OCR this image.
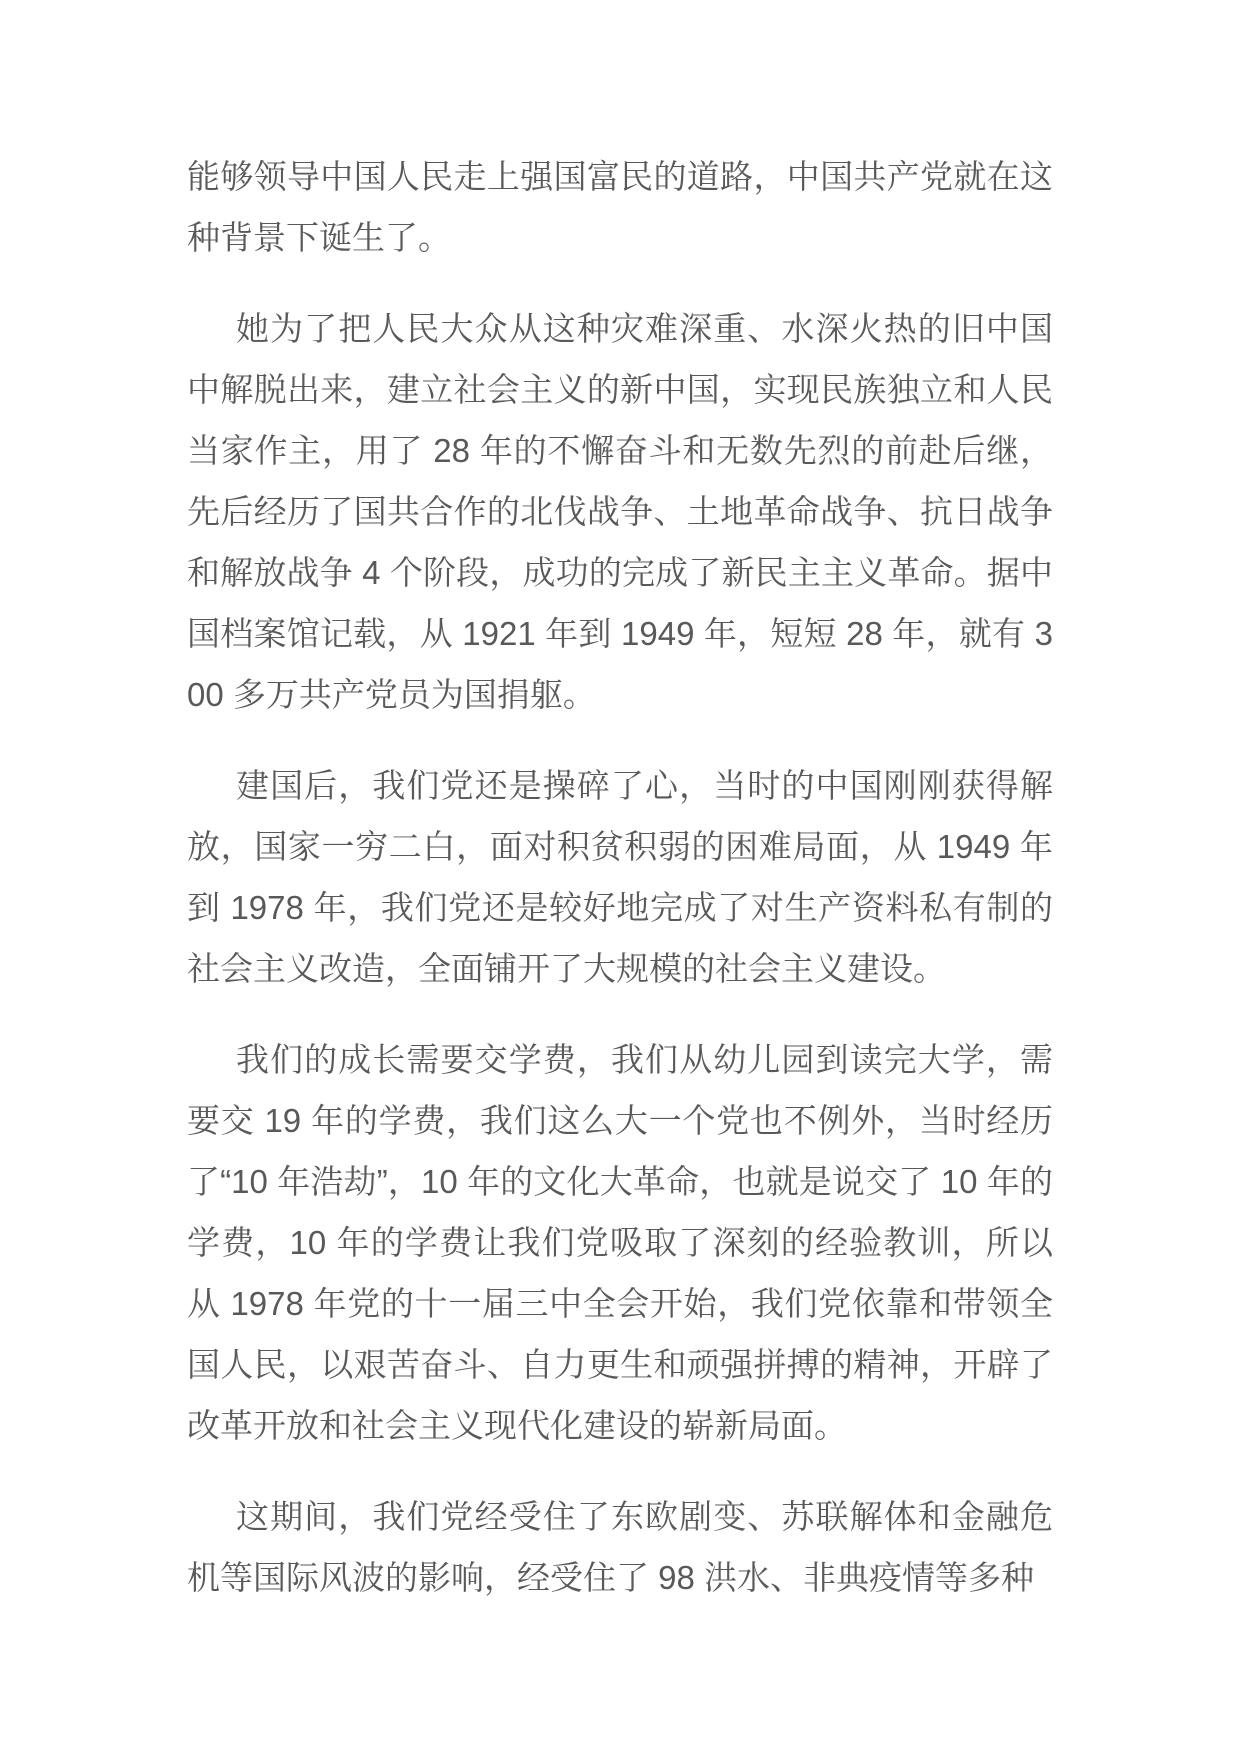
能够领导中国人民走上强国富民的道路，中国共产党就在这种背景下诞生了。

她为了把人民大众从这种灾难深重、水深火热的旧中国中解脱出来，建立社会主义的新中国，实现民族独立和人民当家作主，用了 28 年的不懈奋斗和无数先烈的前赴后继，先后经历了国共合作的北伐战争、土地革命战争、抗日战争和解放战争 4 个阶段，成功的完成了新民主主义革命。据中国档案馆记载，从 1921 年到 1949 年，短短 28 年，就有 300 多万共产党员为国捐躯。

建国后，我们党还是操碎了心，当时的中国刚刚获得解放，国家一穷二白，面对积贫积弱的困难局面，从 1949 年到 1978 年，我们党还是较好地完成了对生产资料私有制的社会主义改造，全面铺开了大规模的社会主义建设。

我们的成长需要交学费，我们从幼儿园到读完大学，需要交 19 年的学费，我们这么大一个党也不例外，当时经历了“10 年浩劫”，10 年的文化大革命，也就是说交了 10 年的学费，10 年的学费让我们党吸取了深刻的经验教训，所以从 1978 年党的十一届三中全会开始，我们党依靠和带领全国人民，以艰苦奋斗、自力更生和顽强拼搏的精神，开辟了改革开放和社会主义现代化建设的崭新局面。

这期间，我们党经受住了东欧剧变、苏联解体和金融危机等国际风波的影响，经受住了 98 洪水、非典疫情等多种
